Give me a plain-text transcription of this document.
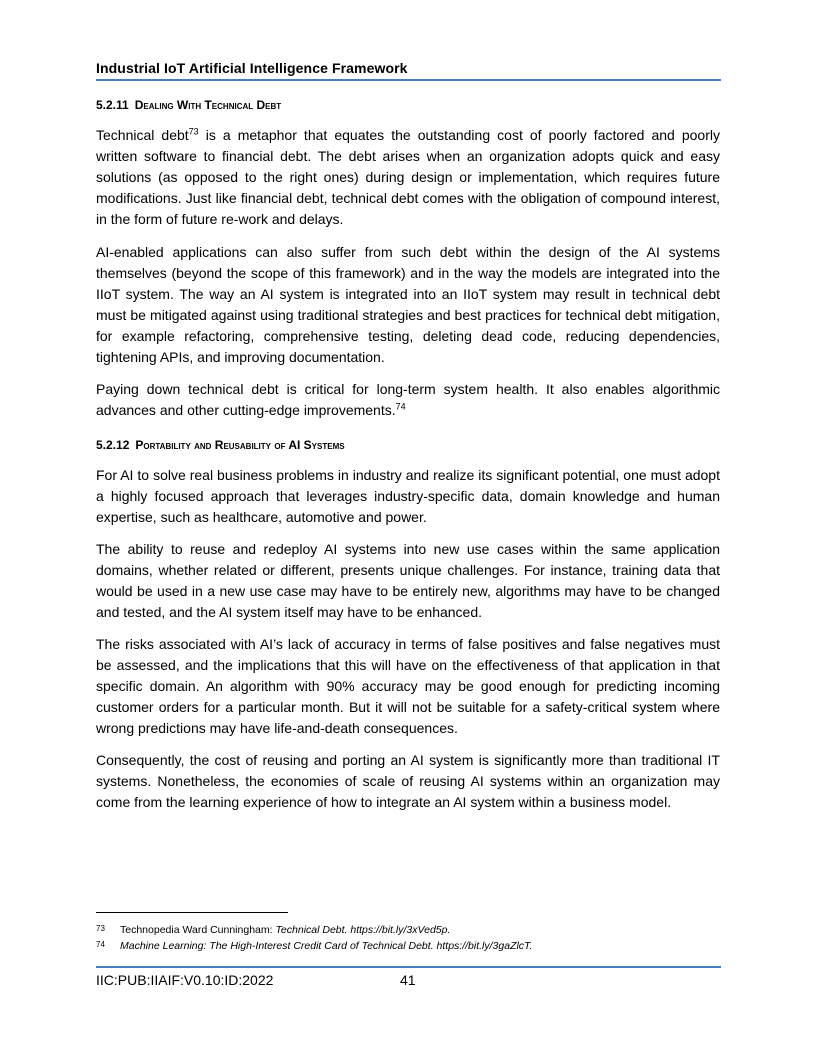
Industrial IoT Artificial Intelligence Framework
5.2.11 Dealing With Technical Debt
Technical debt$^{73}$ is a metaphor that equates the outstanding cost of poorly factored and poorly written software to financial debt. The debt arises when an organization adopts quick and easy solutions (as opposed to the right ones) during design or implementation, which requires future modifications. Just like financial debt, technical debt comes with the obligation of compound interest, in the form of future re-work and delays.
AI-enabled applications can also suffer from such debt within the design of the AI systems themselves (beyond the scope of this framework) and in the way the models are integrated into the IIoT system. The way an AI system is integrated into an IIoT system may result in technical debt must be mitigated against using traditional strategies and best practices for technical debt mitigation, for example refactoring, comprehensive testing, deleting dead code, reducing dependencies, tightening APIs, and improving documentation.
Paying down technical debt is critical for long-term system health. It also enables algorithmic advances and other cutting-edge improvements.$^{74}$
5.2.12 Portability and Reusability of AI Systems
For AI to solve real business problems in industry and realize its significant potential, one must adopt a highly focused approach that leverages industry-specific data, domain knowledge and human expertise, such as healthcare, automotive and power.
The ability to reuse and redeploy AI systems into new use cases within the same application domains, whether related or different, presents unique challenges. For instance, training data that would be used in a new use case may have to be entirely new, algorithms may have to be changed and tested, and the AI system itself may have to be enhanced.
The risks associated with AI’s lack of accuracy in terms of false positives and false negatives must be assessed, and the implications that this will have on the effectiveness of that application in that specific domain. An algorithm with 90% accuracy may be good enough for predicting incoming customer orders for a particular month. But it will not be suitable for a safety-critical system where wrong predictions may have life-and-death consequences.
Consequently, the cost of reusing and porting an AI system is significantly more than traditional IT systems. Nonetheless, the economies of scale of reusing AI systems within an organization may come from the learning experience of how to integrate an AI system within a business model.
73 Technopedia Ward Cunningham: Technical Debt. https://bit.ly/3xVed5p.
74 Machine Learning: The High-Interest Credit Card of Technical Debt. https://bit.ly/3gaZlcT.
IIC:PUB:IIAIF:V0.10:ID:2022	41
